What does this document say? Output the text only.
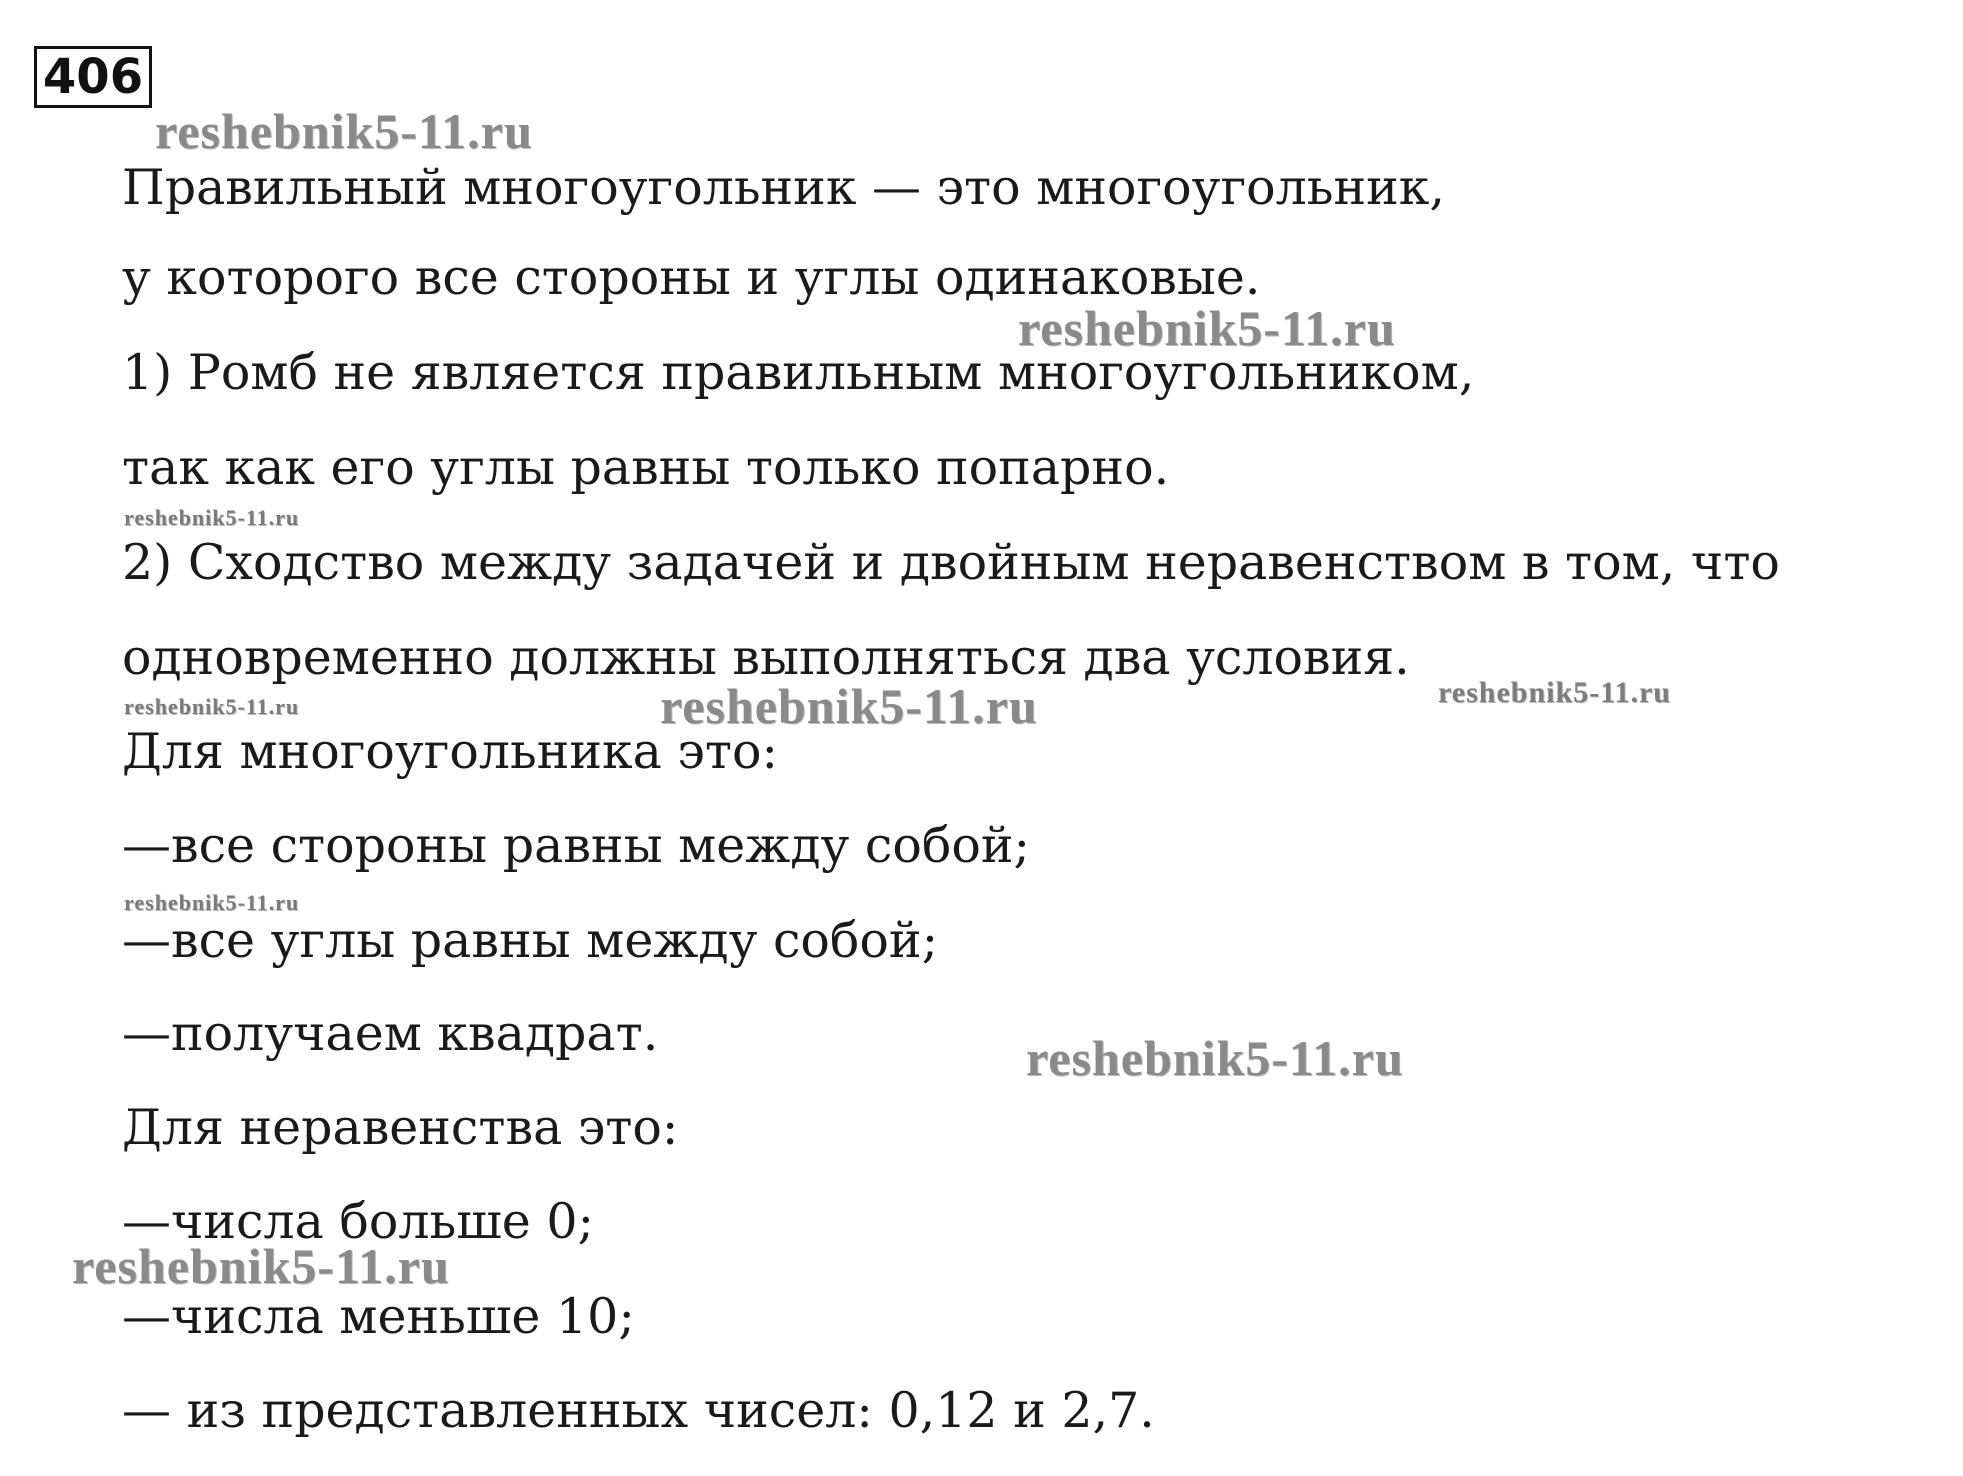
406
Правильный многоугольник — это многоугольник,
у которого все стороны и углы одинаковые.
1) Ромб не является правильным многоугольником,
так как его углы равны только попарно.
2) Сходство между задачей и двойным неравенством в том, что
одновременно должны выполняться два условия.
Для многоугольника это:
—все стороны равны между собой;
—все углы равны между собой;
—получаем квадрат.
Для неравенства это:
—числа больше 0;
—числа меньше 10;
— из представленных чисел: 0,12 и 2,7.
reshebnik5-11.ru
reshebnik5-11.ru
reshebnik5-11.ru
reshebnik5-11.ru	reshebnik5-11.ru	reshebnik5-11.ru
reshebnik5-11.ru
reshebnik5-11.ru
reshebnik5-11.ru
